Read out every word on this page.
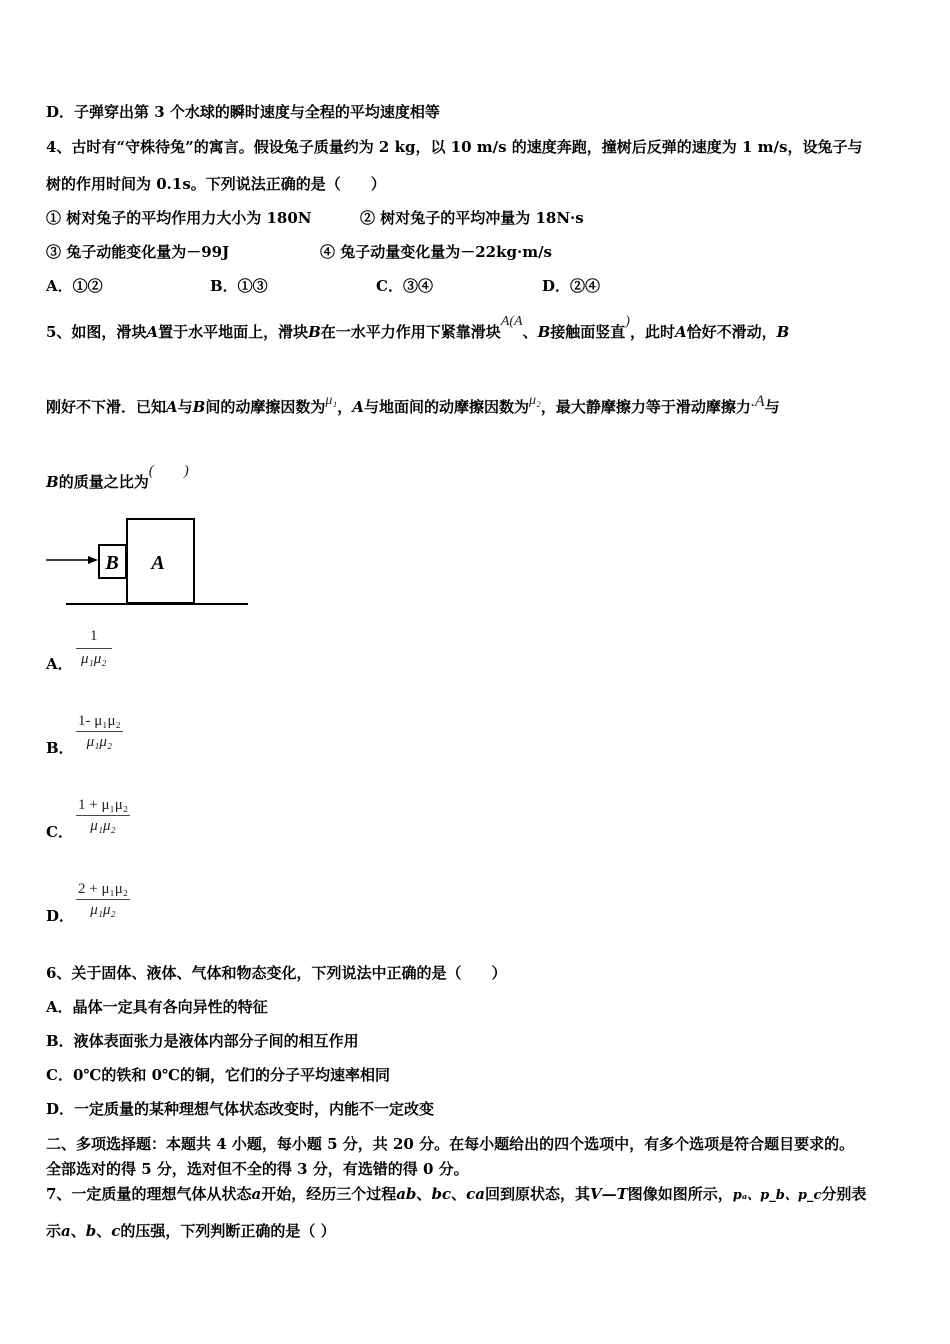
D．子弹穿出第 3 个水球的瞬时速度与全程的平均速度相等
4、古时有“守株待兔”的寓言。假设兔子质量约为 2 kg，以 10 m/s 的速度奔跑，撞树后反弹的速度为 1 m/s，设兔子与
树的作用时间为 0.1s。下列说法正确的是（　　）
① 树对兔子的平均作用力大小为 180N	② 树对兔子的平均冲量为 18N·s
③ 兔子动能变化量为－99J	④ 兔子动量变化量为－22kg·m/s
A．①②	B．①③	C．③④	D．②④
5、如图，滑块A置于水平地面上，滑块B在一水平力作用下紧靠滑块A(A、B接触面竖直)，此时A恰好不滑动，B
刚好不下滑．已知A与B间的动摩擦因数为μ₁，A与地面间的动摩擦因数为μ₂，最大静摩擦力等于滑动摩擦力.A与
B的质量之比为(　　)
B A
A． $\frac{1}{\text{μ₁μ₂}}$
B． $\frac{\text{1- μ₁μ₂}}{\text{μ₁μ₂}}$
C． $\frac{\text{1 + μ₁μ₂}}{\text{μ₁μ₂}}$
D． $\frac{\text{2 + μ₁μ₂}}{\text{μ₁μ₂}}$
6、关于固体、液体、气体和物态变化，下列说法中正确的是（　　）
A．晶体一定具有各向异性的特征
B．液体表面张力是液体内部分子间的相互作用
C．0℃的铁和 0℃的铜，它们的分子平均速率相同
D．一定质量的某种理想气体状态改变时，内能不一定改变
二、多项选择题：本题共 4 小题，每小题 5 分，共 20 分。在每小题给出的四个选项中，有多个选项是符合题目要求的。
全部选对的得 5 分，选对但不全的得 3 分，有选错的得 0 分。
7、一定质量的理想气体从状态a开始，经历三个过程ab、bc、ca回到原状态，其V—T图像如图所示，pₐ、p_b、p_c分别表
示a、b、c的压强，下列判断正确的是（ ）
